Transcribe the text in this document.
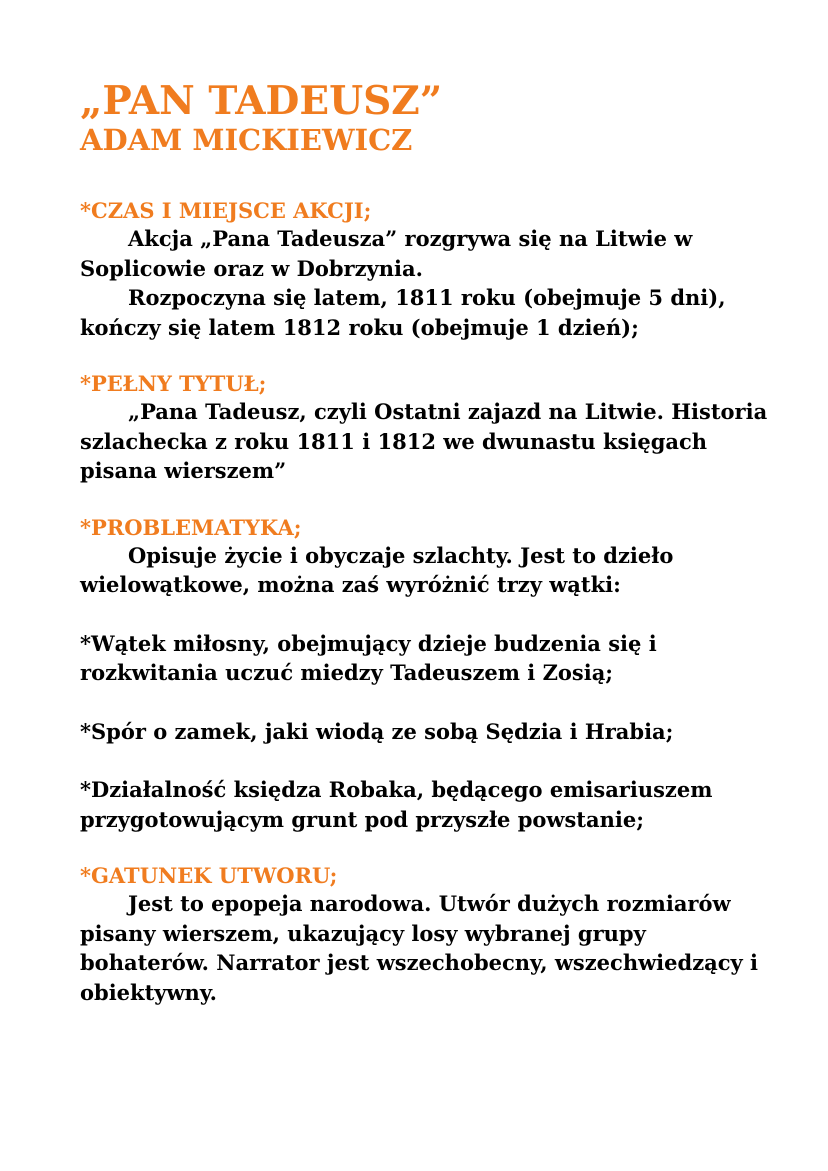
„PAN TADEUSZ”
ADAM MICKIEWICZ
*CZAS I MIEJSCE AKCJI;

Akcja „Pana Tadeusza” rozgrywa się na Litwie w Soplicowie oraz w Dobrzynia.

Rozpoczyna się latem, 1811 roku (obejmuje 5 dni), kończy się latem 1812 roku (obejmuje 1 dzień);

*PEŁNY TYTUŁ;

„Pana Tadeusz, czyli Ostatni zajazd na Litwie. Historia szlachecka z roku 1811 i 1812 we dwunastu księgach pisana wierszem”

*PROBLEMATYKA;

Opisuje życie i obyczaje szlachty. Jest to dzieło wielowątkowe, można zaś wyróżnić trzy wątki:

*Wątek miłosny, obejmujący dzieje budzenia się i rozkwitania uczuć miedzy Tadeuszem i Zosią;

*Spór o zamek, jaki wiodą ze sobą Sędzia i Hrabia;

*Działalność księdza Robaka, będącego emisariuszem przygotowującym grunt pod przyszłe powstanie;

*GATUNEK UTWORU;

Jest to epopeja narodowa. Utwór dużych rozmiarów pisany wierszem, ukazujący losy wybranej grupy bohaterów. Narrator jest wszechobecny, wszechwiedzący i obiektywny.
